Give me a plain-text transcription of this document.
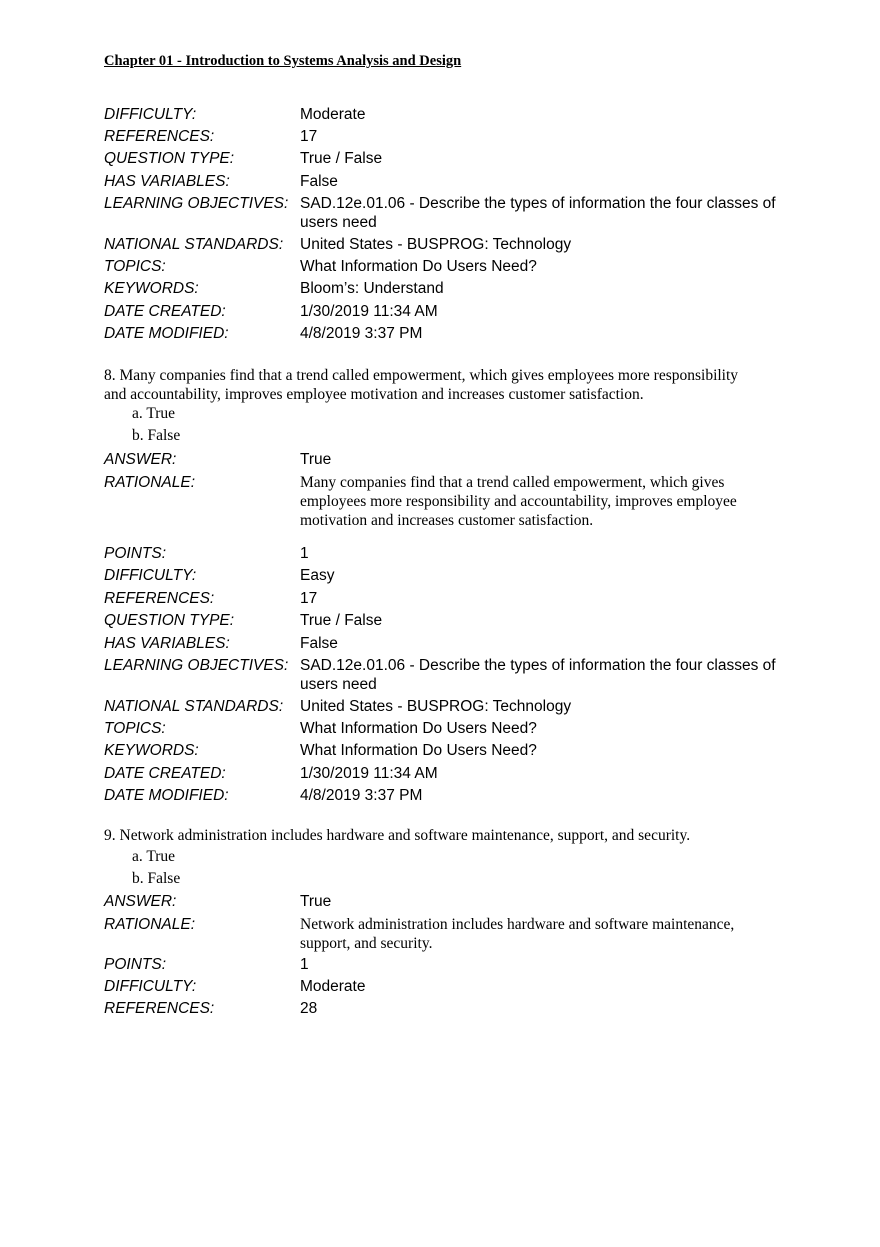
Chapter 01 - Introduction to Systems Analysis and Design
DIFFICULTY:	Moderate
REFERENCES:	17
QUESTION TYPE:	True / False
HAS VARIABLES:	False
LEARNING OBJECTIVES: SAD.12e.01.06 - Describe the types of information the four classes of users need
NATIONAL STANDARDS:	United States - BUSPROG: Technology
TOPICS:	What Information Do Users Need?
KEYWORDS:	Bloom’s: Understand
DATE CREATED:	1/30/2019 11:34 AM
DATE MODIFIED:	4/8/2019 3:37 PM
8. Many companies find that a trend called empowerment, which gives employees more responsibility and accountability, improves employee motivation and increases customer satisfaction.
a. True
b. False
ANSWER:	True
RATIONALE:	Many companies find that a trend called empowerment, which gives employees more responsibility and accountability, improves employee motivation and increases customer satisfaction.
POINTS:	1
DIFFICULTY:	Easy
REFERENCES:	17
QUESTION TYPE:	True / False
HAS VARIABLES:	False
LEARNING OBJECTIVES: SAD.12e.01.06 - Describe the types of information the four classes of users need
NATIONAL STANDARDS:	United States - BUSPROG: Technology
TOPICS:	What Information Do Users Need?
KEYWORDS:	What Information Do Users Need?
DATE CREATED:	1/30/2019 11:34 AM
DATE MODIFIED:	4/8/2019 3:37 PM
9. Network administration includes hardware and software maintenance, support, and security.
a. True
b. False
ANSWER:	True
RATIONALE:	Network administration includes hardware and software maintenance, support, and security.
POINTS:	1
DIFFICULTY:	Moderate
REFERENCES:	28
